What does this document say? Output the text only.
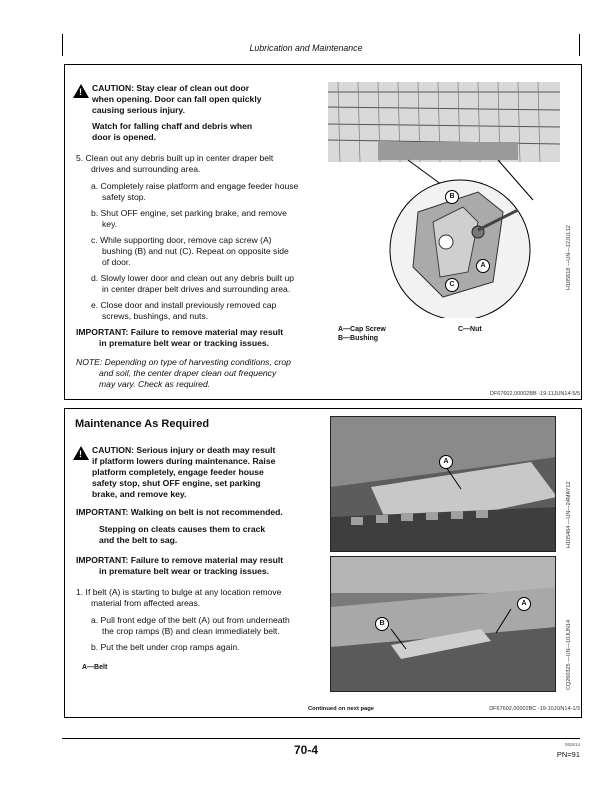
Lubrication and Maintenance
! CAUTION: Stay clear of clean out door
when opening. Door can fall open quickly
causing serious injury.
Watch for falling chaff and debris when
door is opened.
5. Clean out any debris built up in center draper belt
drives and surrounding area.
a. Completely raise platform and engage feeder house
safety stop.
b. Shut OFF engine, set parking brake, and remove
key.
c. While supporting door, remove cap screw (A)
bushing (B) and nut (C). Repeat on opposite side
of door.
d. Slowly lower door and clean out any debris built up
in center draper belt drives and surrounding area.
e. Close door and install previously removed cap
screws, bushings, and nuts.
IMPORTANT: Failure to remove material may result
in premature belt wear or tracking issues.
NOTE: Depending on type of harvesting conditions, crop
and soil, the center draper clean out frequency
may vary. Check as required.
B
A
C	H105618 —UN—12JUL12
A—Cap Screw
B—Bushing
C—Nut
DF67602,00002BB -19-11JUN14-5/5
Maintenance As Required
! CAUTION: Serious injury or death may result
if platform lowers during maintenance. Raise
platform completely, engage feeder house
safety stop, shut OFF engine, set parking
brake, and remove key.
IMPORTANT: Walking on belt is not recommended.
Stepping on cleats causes them to crack
and the belt to sag.
IMPORTANT: Failure to remove material may result
in premature belt wear or tracking issues.
1. If belt (A) is starting to bulge at any location remove
material from affected areas.
a. Pull front edge of the belt (A) out from underneath
the crop ramps (B) and clean immediately belt.
b. Put the belt under crop ramps again.
A—Belt
A
H105464 —UN—24MAY12
B
A
CQ260325 —UN—10JUN14
Continued on next page	DF67602,00002BC -19-10JUN14-1/3
70-4	062614
PN=91
